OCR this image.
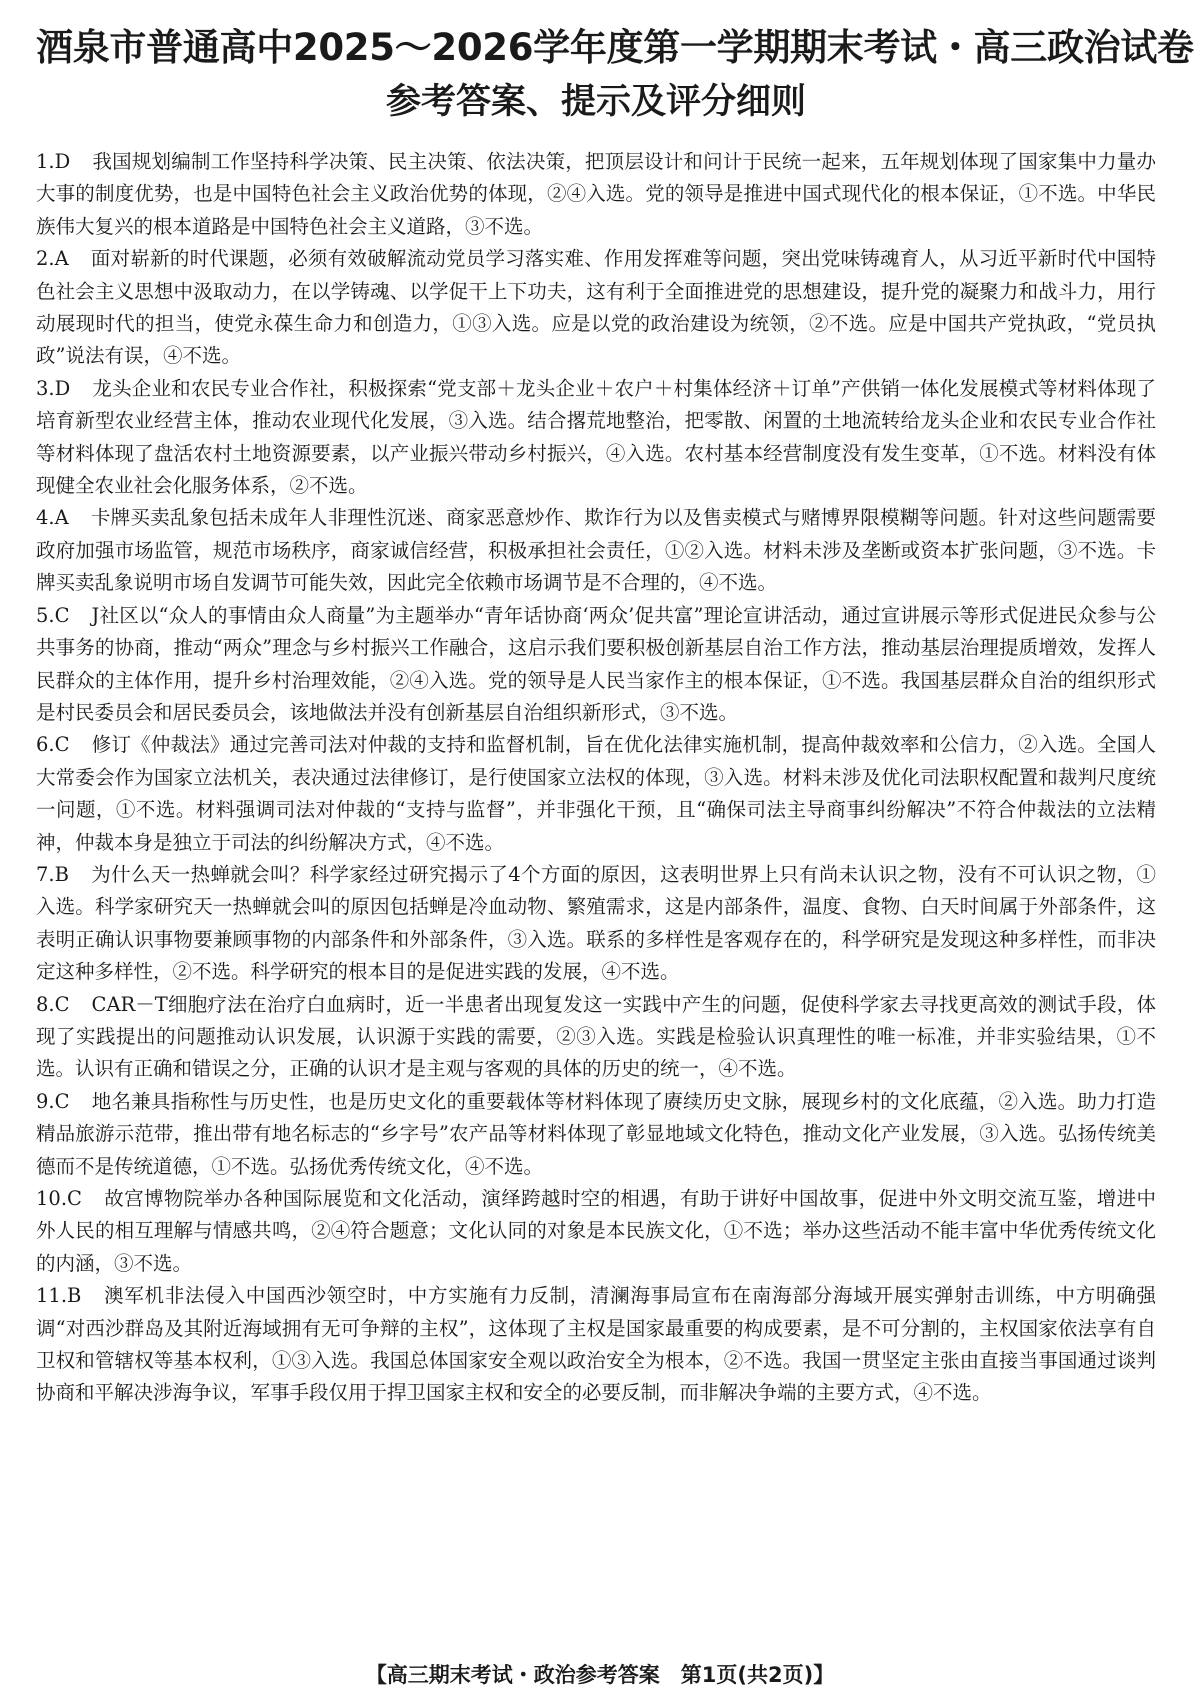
酒泉市普通高中2025～2026学年度第一学期期末考试・高三政治试卷
参考答案、提示及评分细则

1.D 我国规划编制工作坚持科学决策、民主决策、依法决策，把顶层设计和问计于民统一起来，五年规划体现了国家集中力量办大事的制度优势，也是中国特色社会主义政治优势的体现，②④入选。党的领导是推进中国式现代化的根本保证，①不选。中华民族伟大复兴的根本道路是中国特色社会主义道路，③不选。

2.A 面对崭新的时代课题，必须有效破解流动党员学习落实难、作用发挥难等问题，突出党味铸魂育人，从习近平新时代中国特色社会主义思想中汲取动力，在以学铸魂、以学促干上下功夫，这有利于全面推进党的思想建设，提升党的凝聚力和战斗力，用行动展现时代的担当，使党永葆生命力和创造力，①③入选。应是以党的政治建设为统领，②不选。应是中国共产党执政，“党员执政”说法有误，④不选。

3.D 龙头企业和农民专业合作社，积极探索“党支部＋龙头企业＋农户＋村集体经济＋订单”产供销一体化发展模式等材料体现了培育新型农业经营主体，推动农业现代化发展，③入选。结合撂荒地整治，把零散、闲置的土地流转给龙头企业和农民专业合作社等材料体现了盘活农村土地资源要素，以产业振兴带动乡村振兴，④入选。农村基本经营制度没有发生变革，①不选。材料没有体现健全农业社会化服务体系，②不选。

4.A 卡牌买卖乱象包括未成年人非理性沉迷、商家恶意炒作、欺诈行为以及售卖模式与赌博界限模糊等问题。针对这些问题需要政府加强市场监管，规范市场秩序，商家诚信经营，积极承担社会责任，①②入选。材料未涉及垄断或资本扩张问题，③不选。卡牌买卖乱象说明市场自发调节可能失效，因此完全依赖市场调节是不合理的，④不选。

5.C J社区以“众人的事情由众人商量”为主题举办“青年话协商‘两众’促共富”理论宣讲活动，通过宣讲展示等形式促进民众参与公共事务的协商，推动“两众”理念与乡村振兴工作融合，这启示我们要积极创新基层自治工作方法，推动基层治理提质增效，发挥人民群众的主体作用，提升乡村治理效能，②④入选。党的领导是人民当家作主的根本保证，①不选。我国基层群众自治的组织形式是村民委员会和居民委员会，该地做法并没有创新基层自治组织新形式，③不选。

6.C 修订《仲裁法》通过完善司法对仲裁的支持和监督机制，旨在优化法律实施机制，提高仲裁效率和公信力，②入选。全国人大常委会作为国家立法机关，表决通过法律修订，是行使国家立法权的体现，③入选。材料未涉及优化司法职权配置和裁判尺度统一问题，①不选。材料强调司法对仲裁的“支持与监督”，并非强化干预，且“确保司法主导商事纠纷解决”不符合仲裁法的立法精神，仲裁本身是独立于司法的纠纷解决方式，④不选。

7.B 为什么天一热蝉就会叫？科学家经过研究揭示了4个方面的原因，这表明世界上只有尚未认识之物，没有不可认识之物，①入选。科学家研究天一热蝉就会叫的原因包括蝉是冷血动物、繁殖需求，这是内部条件，温度、食物、白天时间属于外部条件，这表明正确认识事物要兼顾事物的内部条件和外部条件，③入选。联系的多样性是客观存在的，科学研究是发现这种多样性，而非决定这种多样性，②不选。科学研究的根本目的是促进实践的发展，④不选。

8.C CAR－T细胞疗法在治疗白血病时，近一半患者出现复发这一实践中产生的问题，促使科学家去寻找更高效的测试手段，体现了实践提出的问题推动认识发展，认识源于实践的需要，②③入选。实践是检验认识真理性的唯一标准，并非实验结果，①不选。认识有正确和错误之分，正确的认识才是主观与客观的具体的历史的统一，④不选。

9.C 地名兼具指称性与历史性，也是历史文化的重要载体等材料体现了赓续历史文脉，展现乡村的文化底蕴，②入选。助力打造精品旅游示范带，推出带有地名标志的“乡字号”农产品等材料体现了彰显地域文化特色，推动文化产业发展，③入选。弘扬传统美德而不是传统道德，①不选。弘扬优秀传统文化，④不选。

10.C 故宫博物院举办各种国际展览和文化活动，演绎跨越时空的相遇，有助于讲好中国故事，促进中外文明交流互鉴，增进中外人民的相互理解与情感共鸣，②④符合题意；文化认同的对象是本民族文化，①不选；举办这些活动不能丰富中华优秀传统文化的内涵，③不选。

11.B 澳军机非法侵入中国西沙领空时，中方实施有力反制，清澜海事局宣布在南海部分海域开展实弹射击训练，中方明确强调“对西沙群岛及其附近海域拥有无可争辩的主权”，这体现了主权是国家最重要的构成要素，是不可分割的，主权国家依法享有自卫权和管辖权等基本权利，①③入选。我国总体国家安全观以政治安全为根本，②不选。我国一贯坚定主张由直接当事国通过谈判协商和平解决涉海争议，军事手段仅用于捍卫国家主权和安全的必要反制，而非解决争端的主要方式，④不选。

【高三期末考试・政治参考答案　第1页(共2页)】
